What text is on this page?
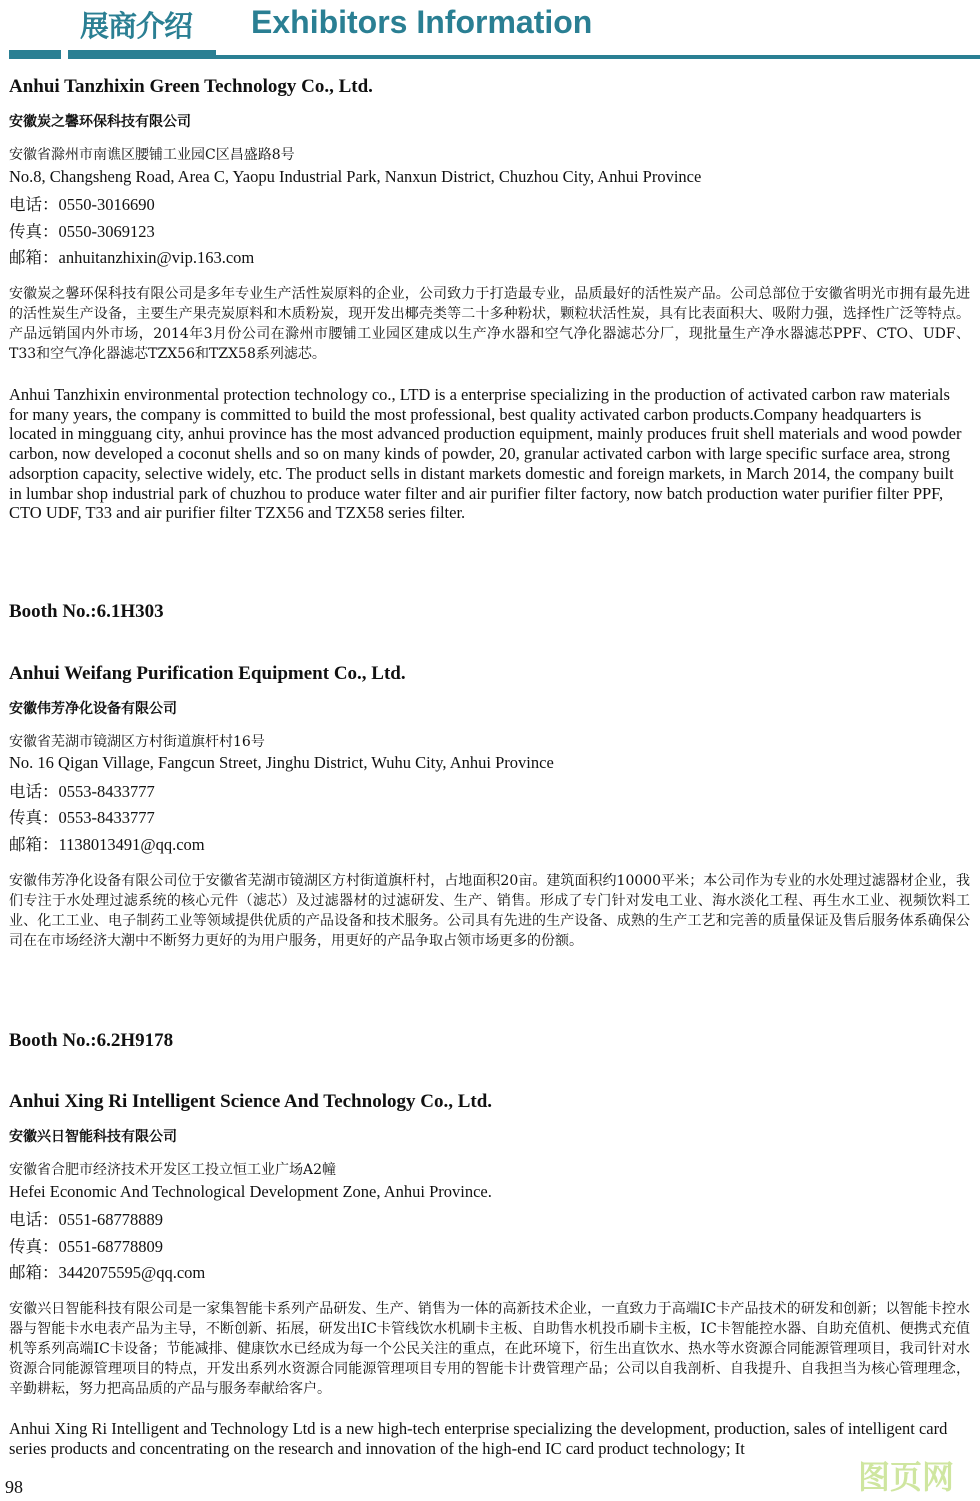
展商介绍 Exhibitors Information
Anhui Tanzhixin Green Technology Co., Ltd.
安徽炭之馨环保科技有限公司
安徽省滁州市南谯区腰铺工业园C区昌盛路8号
No.8, Changsheng Road, Area C, Yaopu Industrial Park, Nanxun District, Chuzhou City, Anhui Province
电话：0550-3016690
传真：0550-3069123
邮箱：anhuitanzhixin@vip.163.com
安徽炭之馨环保科技有限公司是多年专业生产活性炭原料的企业，公司致力于打造最专业，品质最好的活性炭产品。公司总部位于安徽省明光市拥有最先进的活性炭生产设备，主要生产果壳炭原料和木质粉炭，现开发出椰壳类等二十多种粉状，颗粒状活性炭，具有比表面积大、吸附力强，选择性广泛等特点。产品远销国内外市场，2014年3月份公司在滁州市腰铺工业园区建成以生产净水器和空气净化器滤芯分厂，现批量生产净水器滤芯PPF、CTO、UDF、T33和空气净化器滤芯TZX56和TZX58系列滤芯。
Anhui Tanzhixin environmental protection technology co., LTD is a enterprise specializing in the production of activated carbon raw materials for many years, the company is committed to build the most professional, best quality activated carbon products.Company headquarters is located in mingguang city, anhui province has the most advanced production equipment, mainly produces fruit shell materials and wood powder carbon, now developed a coconut shells and so on many kinds of powder, 20, granular activated carbon with large specific surface area, strong adsorption capacity, selective widely, etc. The product sells in distant markets domestic and foreign markets, in March 2014, the company built in lumbar shop industrial park of chuzhou to produce water filter and air purifier filter factory, now batch production water purifier filter PPF, CTO UDF, T33 and air purifier filter TZX56 and TZX58 series filter.
Booth No.:6.1H303
Anhui Weifang Purification Equipment Co., Ltd.
安徽伟芳净化设备有限公司
安徽省芜湖市镜湖区方村街道旗杆村16号
No. 16 Qigan Village, Fangcun Street, Jinghu District, Wuhu City, Anhui Province
电话：0553-8433777
传真：0553-8433777
邮箱：1138013491@qq.com
安徽伟芳净化设备有限公司位于安徽省芜湖市镜湖区方村街道旗杆村，占地面积20亩。建筑面积约10000平米；本公司作为专业的水处理过滤器材企业，我们专注于水处理过滤系统的核心元件（滤芯）及过滤器材的过滤研发、生产、销售。形成了专门针对发电工业、海水淡化工程、再生水工业、视频饮料工业、化工工业、电子制药工业等领域提供优质的产品设备和技术服务。公司具有先进的生产设备、成熟的生产工艺和完善的质量保证及售后服务体系确保公司在在市场经济大潮中不断努力更好的为用户服务，用更好的产品争取占领市场更多的份额。
Booth No.:6.2H9178
Anhui Xing Ri Intelligent Science And Technology Co., Ltd.
安徽兴日智能科技有限公司
安徽省合肥市经济技术开发区工投立恒工业广场A2幢
Hefei Economic And Technological Development Zone, Anhui Province.
电话：0551-68778889
传真：0551-68778809
邮箱：3442075595@qq.com
安徽兴日智能科技有限公司是一家集智能卡系列产品研发、生产、销售为一体的高新技术企业，一直致力于高端IC卡产品技术的研发和创新；以智能卡控水器与智能卡水电表产品为主导，不断创新、拓展，研发出IC卡管线饮水机刷卡主板、自助售水机投币刷卡主板，IC卡智能控水器、自助充值机、便携式充值机等系列高端IC卡设备；节能减排、健康饮水已经成为每一个公民关注的重点，在此环境下，衍生出直饮水、热水等水资源合同能源管理项目，我司针对水资源合同能源管理项目的特点，开发出系列水资源合同能源管理项目专用的智能卡计费管理产品；公司以自我剖析、自我提升、自我担当为核心管理理念，辛勤耕耘，努力把高品质的产品与服务奉献给客户。
Anhui Xing Ri Intelligent and Technology Ltd is a new high-tech enterprise specializing the development, production, sales of intelligent card series products and concentrating on the research and innovation of the high-end IC card product technology; It
98	图页网
